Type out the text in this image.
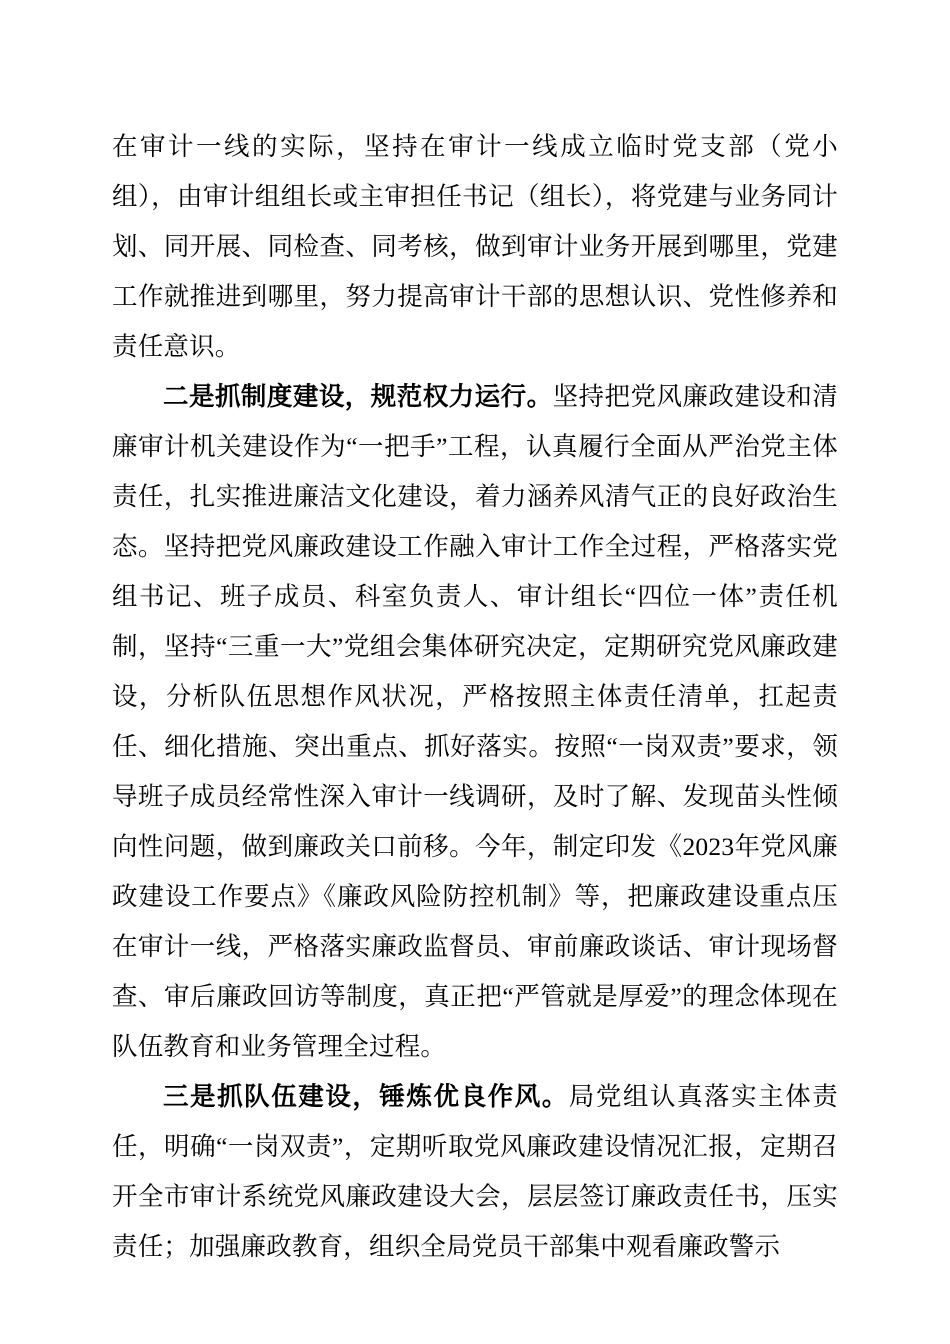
在审计一线的实际，坚持在审计一线成立临时党支部（党小组），由审计组组长或主审担任书记（组长），将党建与业务同计划、同开展、同检查、同考核，做到审计业务开展到哪里，党建工作就推进到哪里，努力提高审计干部的思想认识、党性修养和责任意识。

二是抓制度建设，规范权力运行。坚持把党风廉政建设和清廉审计机关建设作为“一把手”工程，认真履行全面从严治党主体责任，扎实推进廉洁文化建设，着力涵养风清气正的良好政治生态。坚持把党风廉政建设工作融入审计工作全过程，严格落实党组书记、班子成员、科室负责人、审计组长“四位一体”责任机制，坚持“三重一大”党组会集体研究决定，定期研究党风廉政建设，分析队伍思想作风状况，严格按照主体责任清单，扛起责任、细化措施、突出重点、抓好落实。按照“一岗双责”要求，领导班子成员经常性深入审计一线调研，及时了解、发现苗头性倾向性问题，做到廉政关口前移。今年，制定印发《2023年党风廉政建设工作要点》《廉政风险防控机制》等，把廉政建设重点压在审计一线，严格落实廉政监督员、审前廉政谈话、审计现场督查、审后廉政回访等制度，真正把“严管就是厚爱”的理念体现在队伍教育和业务管理全过程。

三是抓队伍建设，锤炼优良作风。局党组认真落实主体责任，明确“一岗双责”，定期听取党风廉政建设情况汇报，定期召开全市审计系统党风廉政建设大会，层层签订廉政责任书，压实责任；加强廉政教育，组织全局党员干部集中观看廉政警示
